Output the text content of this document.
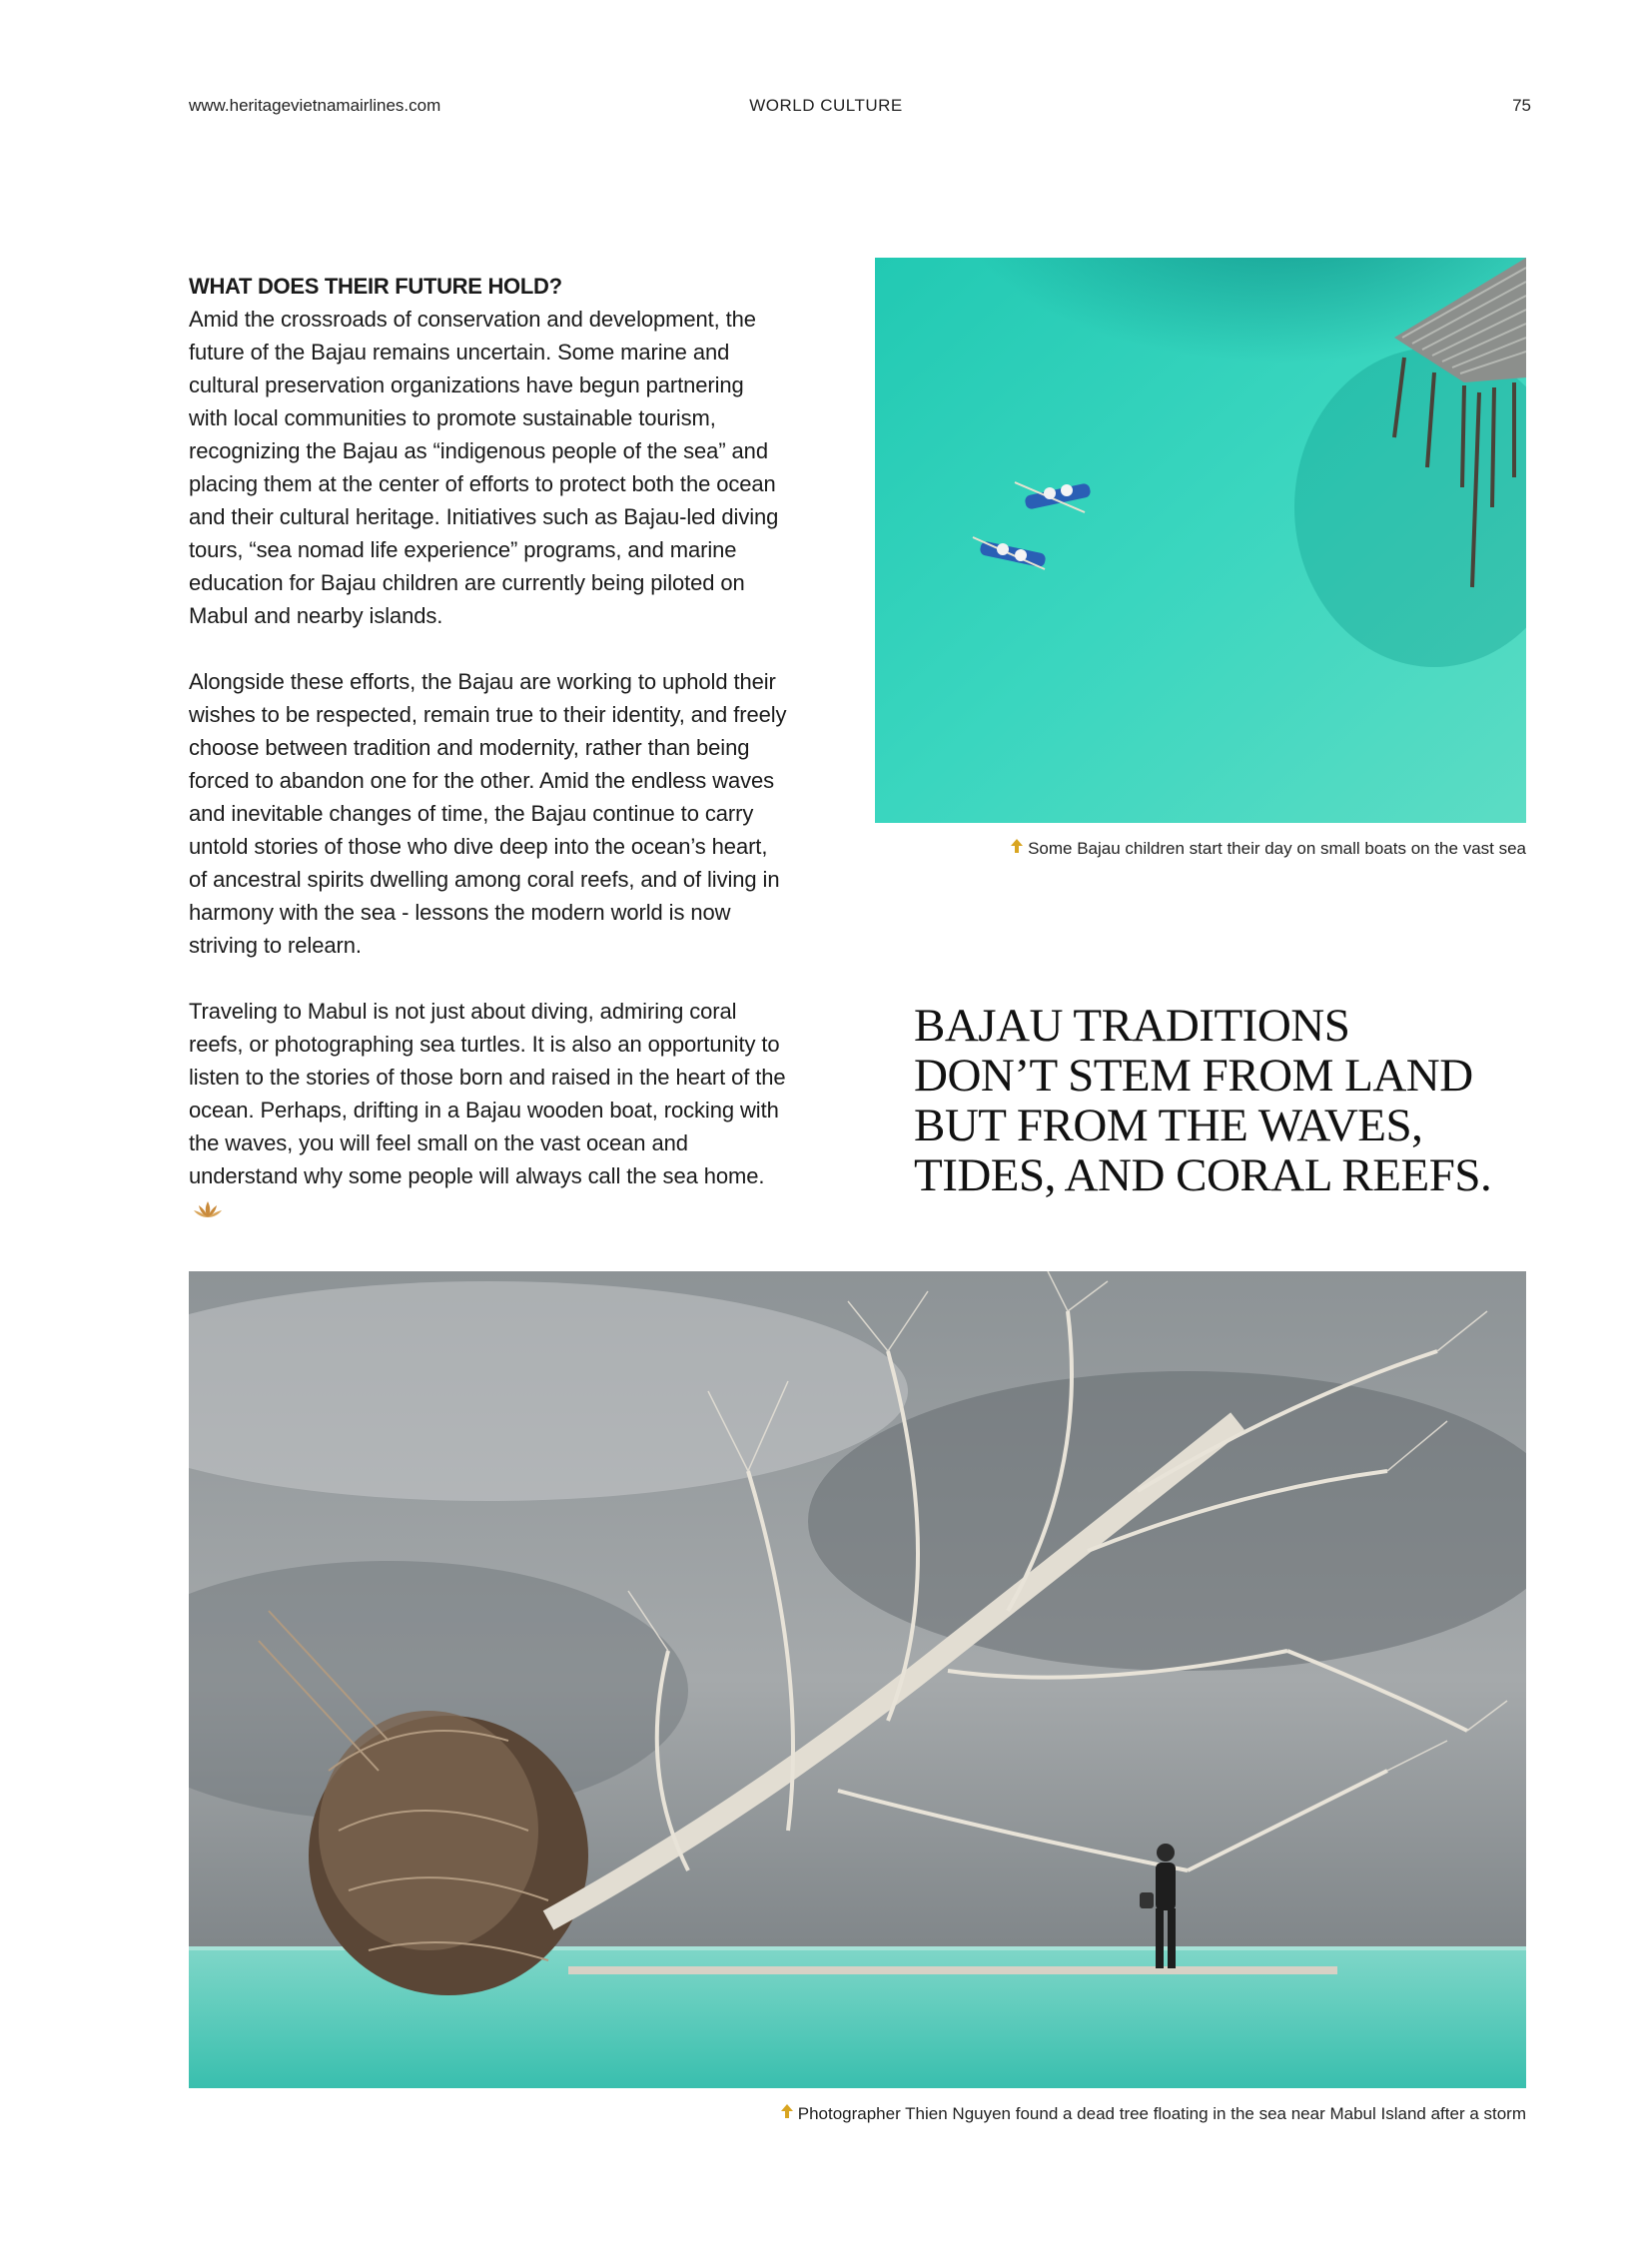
www.heritagevietnamairlines.com	WORLD CULTURE	75
WHAT DOES THEIR FUTURE HOLD?

Amid the crossroads of conservation and development, the future of the Bajau remains uncertain. Some marine and cultural preservation organizations have begun partnering with local communities to promote sustainable tourism, recognizing the Bajau as “indigenous people of the sea” and placing them at the center of efforts to protect both the ocean and their cultural heritage. Initiatives such as Bajau-led diving tours, “sea nomad life experience” programs, and marine education for Bajau children are currently being piloted on Mabul and nearby islands.

Alongside these efforts, the Bajau are working to uphold their wishes to be respected, remain true to their identity, and freely choose between tradition and modernity, rather than being forced to abandon one for the other. Amid the endless waves and inevitable changes of time, the Bajau continue to carry untold stories of those who dive deep into the ocean’s heart, of ancestral spirits dwelling among coral reefs, and of living in harmony with the sea - lessons the modern world is now striving to relearn.

Traveling to Mabul is not just about diving, admiring coral reefs, or photographing sea turtles. It is also an opportunity to listen to the stories of those born and raised in the heart of the ocean. Perhaps, drifting in a Bajau wooden boat, rocking with the waves, you will feel small on the vast ocean and understand why some people will always call the sea home.

Some Bajau children start their day on small boats on the vast sea
BAJAU TRADITIONS
DON’T STEM FROM LAND
BUT FROM THE WAVES,
TIDES, AND CORAL REEFS.
Photographer Thien Nguyen found a dead tree floating in the sea near Mabul Island after a storm
